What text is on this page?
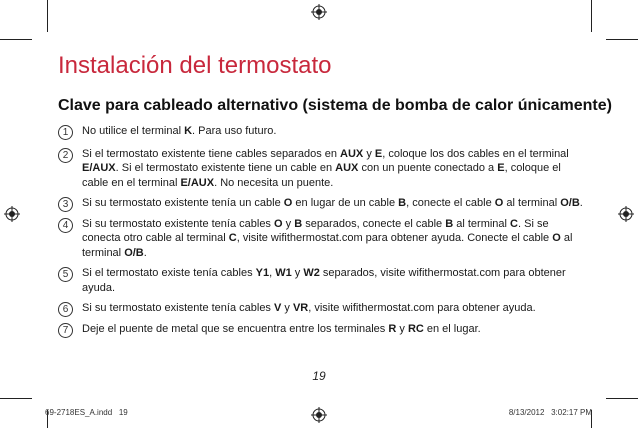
Instalación del termostato
Clave para cableado alternativo (sistema de bomba de calor únicamente)
1	No utilice el terminal K. Para uso futuro.
2	Si el termostato existente tiene cables separados en AUX y E, coloque los dos cables en el terminal E/AUX. Si el termostato existente tiene un cable en AUX con un puente conectado a E, coloque el cable en el terminal E/AUX. No necesita un puente.
3	Si su termostato existente tenía un cable O en lugar de un cable B, conecte el cable O al terminal O/B.
4	Si su termostato existente tenía cables O y B separados, conecte el cable B al terminal C. Si se conecta otro cable al terminal C, visite wifithermostat.com para obtener ayuda. Conecte el cable O al terminal O/B.
5	Si el termostato existe tenía cables Y1, W1 y W2 separados, visite wifithermostat.com para obtener ayuda.
6	Si su termostato existente tenía cables V y VR, visite wifithermostat.com para obtener ayuda.
7	Deje el puente de metal que se encuentra entre los terminales R y RC en el lugar.
19
69-2718ES_A.indd   19	8/13/2012   3:02:17 PM
